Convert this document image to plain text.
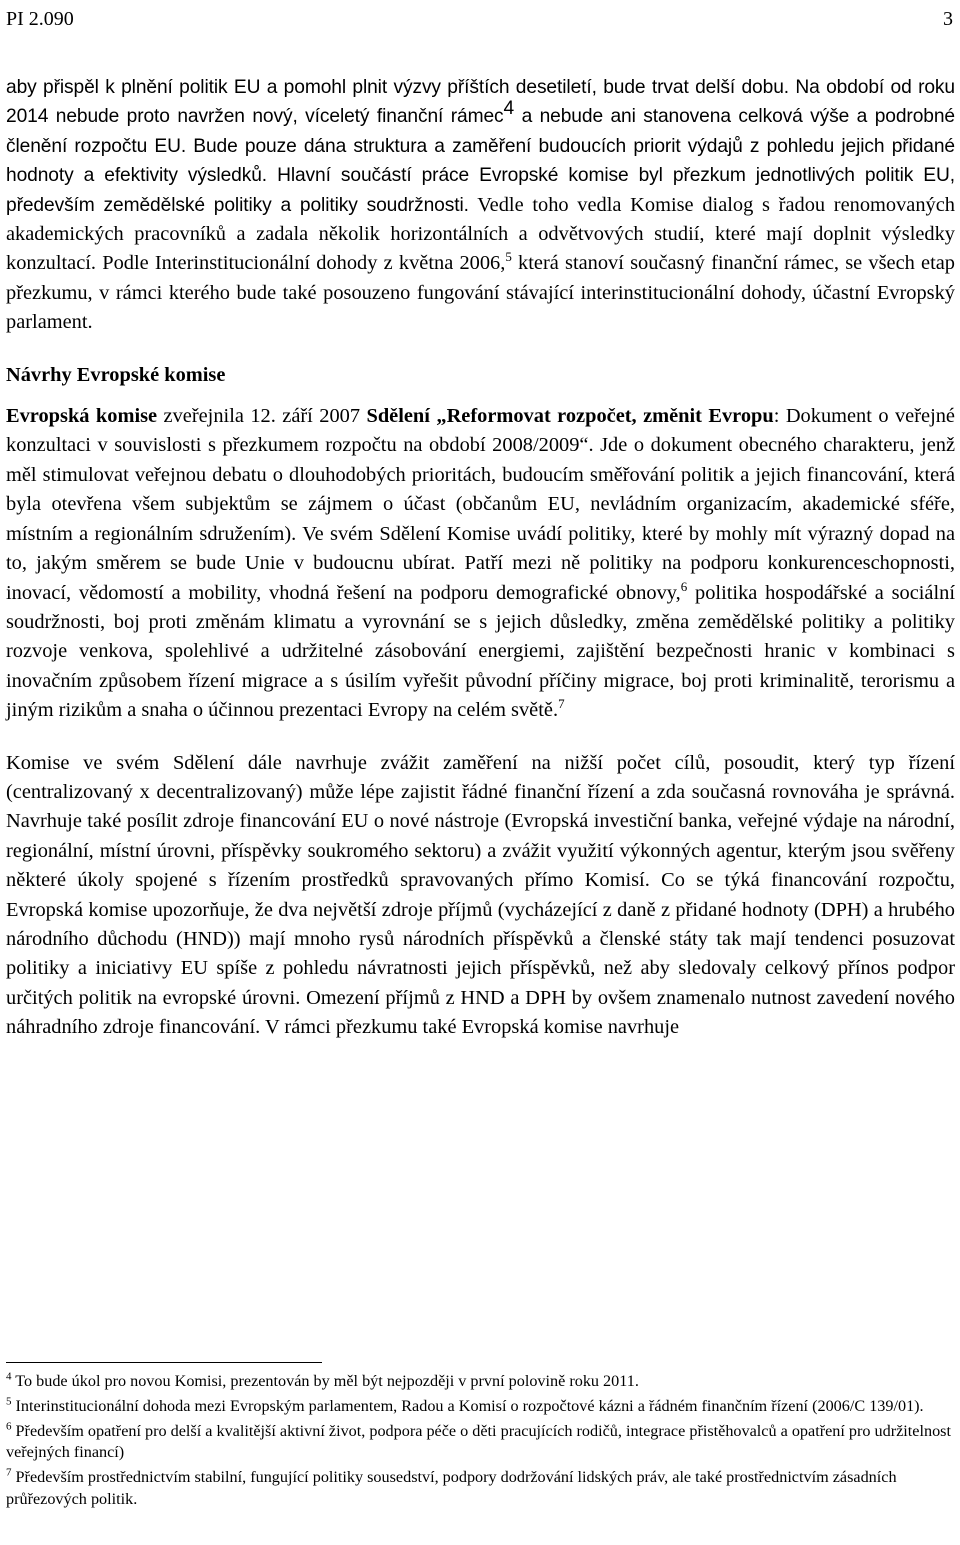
PI 2.090	3

aby přispěl k plnění politik EU a pomohl plnit výzvy příštích desetiletí, bude trvat delší dobu. Na období od roku 2014 nebude proto navržen nový, víceletý finanční rámec$^4$ a nebude ani stanovena celková výše a podrobné členění rozpočtu EU. Bude pouze dána struktura a zaměření budoucích priorit výdajů z pohledu jejich přidané hodnoty a efektivity výsledků. Hlavní součástí práce Evropské komise byl přezkum jednotlivých politik EU, především zemědělské politiky a politiky soudržnosti. Vedle toho vedla Komise dialog s řadou renomovaných akademických pracovníků a zadala několik horizontálních a odvětvových studií, které mají doplnit výsledky konzultací. Podle Interinstitucionální dohody z května 2006,$^5$ která stanoví současný finanční rámec, se všech etap přezkumu, v rámci kterého bude také posouzeno fungování stávající interinstitucionální dohody, účastní Evropský parlament.

Návrhy Evropské komise

Evropská komise zveřejnila 12. září 2007 Sdělení „Reformovat rozpočet, změnit Evropu: Dokument o veřejné konzultaci v souvislosti s přezkumem rozpočtu na období 2008/2009“. Jde o dokument obecného charakteru, jenž měl stimulovat veřejnou debatu o dlouhodobých prioritách, budoucím směřování politik a jejich financování, která byla otevřena všem subjektům se zájmem o účast (občanům EU, nevládním organizacím, akademické sféře, místním a regionálním sdružením). Ve svém Sdělení Komise uvádí politiky, které by mohly mít výrazný dopad na to, jakým směrem se bude Unie v budoucnu ubírat. Patří mezi ně politiky na podporu konkurenceschopnosti, inovací, vědomostí a mobility, vhodná řešení na podporu demografické obnovy,$^6$ politika hospodářské a sociální soudržnosti, boj proti změnám klimatu a vyrovnání se s jejich důsledky, změna zemědělské politiky a politiky rozvoje venkova, spolehlivé a udržitelné zásobování energiemi, zajištění bezpečnosti hranic v kombinaci s inovačním způsobem řízení migrace a s úsilím vyřešit původní příčiny migrace, boj proti kriminalitě, terorismu a jiným rizikům a snaha o účinnou prezentaci Evropy na celém světě.$^7$

Komise ve svém Sdělení dále navrhuje zvážit zaměření na nižší počet cílů, posoudit, který typ řízení (centralizovaný x decentralizovaný) může lépe zajistit řádné finanční řízení a zda současná rovnováha je správná. Navrhuje také posílit zdroje financování EU o nové nástroje (Evropská investiční banka, veřejné výdaje na národní, regionální, místní úrovni, příspěvky soukromého sektoru) a zvážit využití výkonných agentur, kterým jsou svěřeny některé úkoly spojené s řízením prostředků spravovaných přímo Komisí. Co se týká financování rozpočtu, Evropská komise upozorňuje, že dva největší zdroje příjmů (vycházející z daně z přidané hodnoty (DPH) a hrubého národního důchodu (HND)) mají mnoho rysů národních příspěvků a členské státy tak mají tendenci posuzovat politiky a iniciativy EU spíše z pohledu návratnosti jejich příspěvků, než aby sledovaly celkový přínos podpor určitých politik na evropské úrovni. Omezení příjmů z HND a DPH by ovšem znamenalo nutnost zavedení nového náhradního zdroje financování. V rámci přezkumu také Evropská komise navrhuje

$^4$ To bude úkol pro novou Komisi, prezentován by měl být nejpozději v první polovině roku 2011.

$^5$ Interinstitucionální dohoda mezi Evropským parlamentem, Radou a Komisí o rozpočtové kázni a řádném finančním řízení (2006/C 139/01).

$^6$ Především opatření pro delší a kvalitější aktivní život, podpora péče o děti pracujících rodičů, integrace přistěhovalců a opatření pro udržitelnost veřejných financí)

$^7$ Především prostřednictvím stabilní, fungující politiky sousedství, podpory dodržování lidských práv, ale také prostřednictvím zásadních průřezových politik.
